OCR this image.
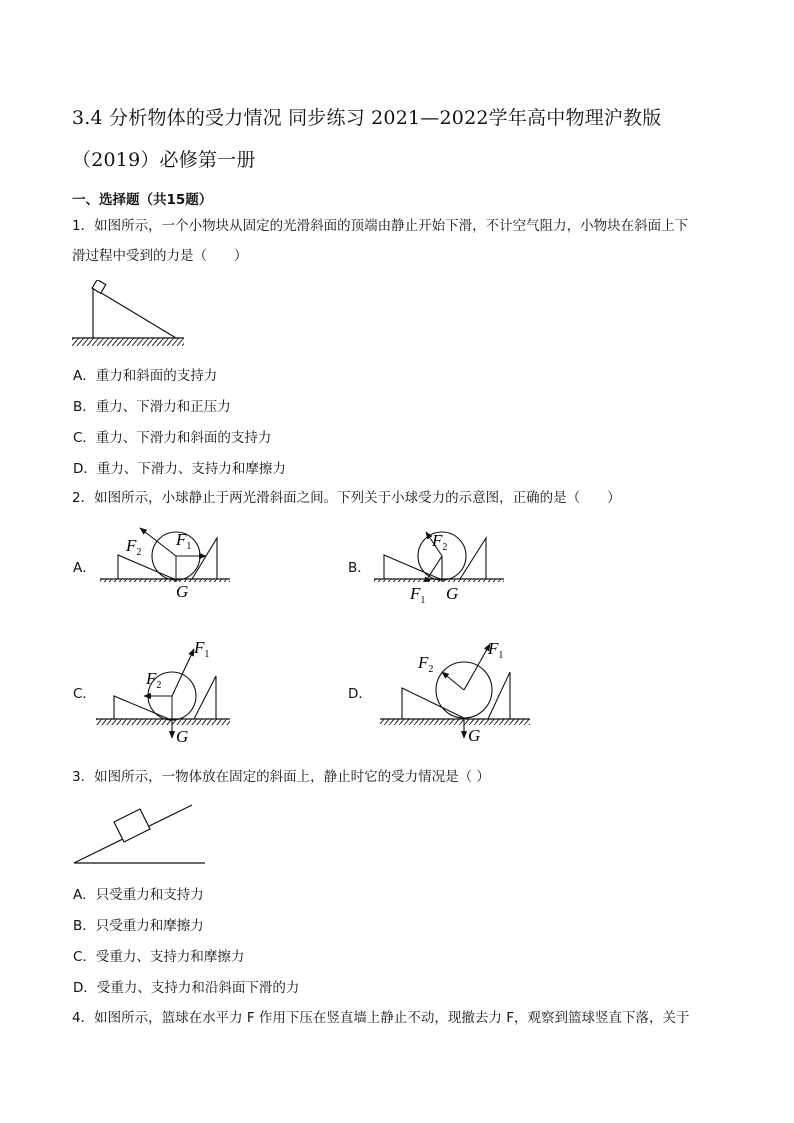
3.4 分析物体的受力情况 同步练习 2021—2022学年高中物理沪教版
（2019）必修第一册
一、选择题（共15题）
1．如图所示，一个小物块从固定的光滑斜面的顶端由静止开始下滑，不计空气阻力，小物块在斜面上下
滑过程中受到的力是（　　）
A．重力和斜面的支持力
B．重力、下滑力和正压力
C．重力、下滑力和斜面的支持力
D．重力、下滑力、支持力和摩擦力
2．如图所示，小球静止于两光滑斜面之间。下列关于小球受力的示意图，正确的是（　　）
A．
$F_2$
$F_1$
G
B．
$F_2$
$F_1$ G
C．
$F_1$
$F_2$
G
D．
$F_1$
$F_2$
G
3．如图所示，一物体放在固定的斜面上，静止时它的受力情况是（ ）
A．只受重力和支持力
B．只受重力和摩擦力
C．受重力、支持力和摩擦力
D．受重力、支持力和沿斜面下滑的力
4．如图所示，篮球在水平力 F 作用下压在竖直墙上静止不动，现撤去力 F，观察到篮球竖直下落，关于
